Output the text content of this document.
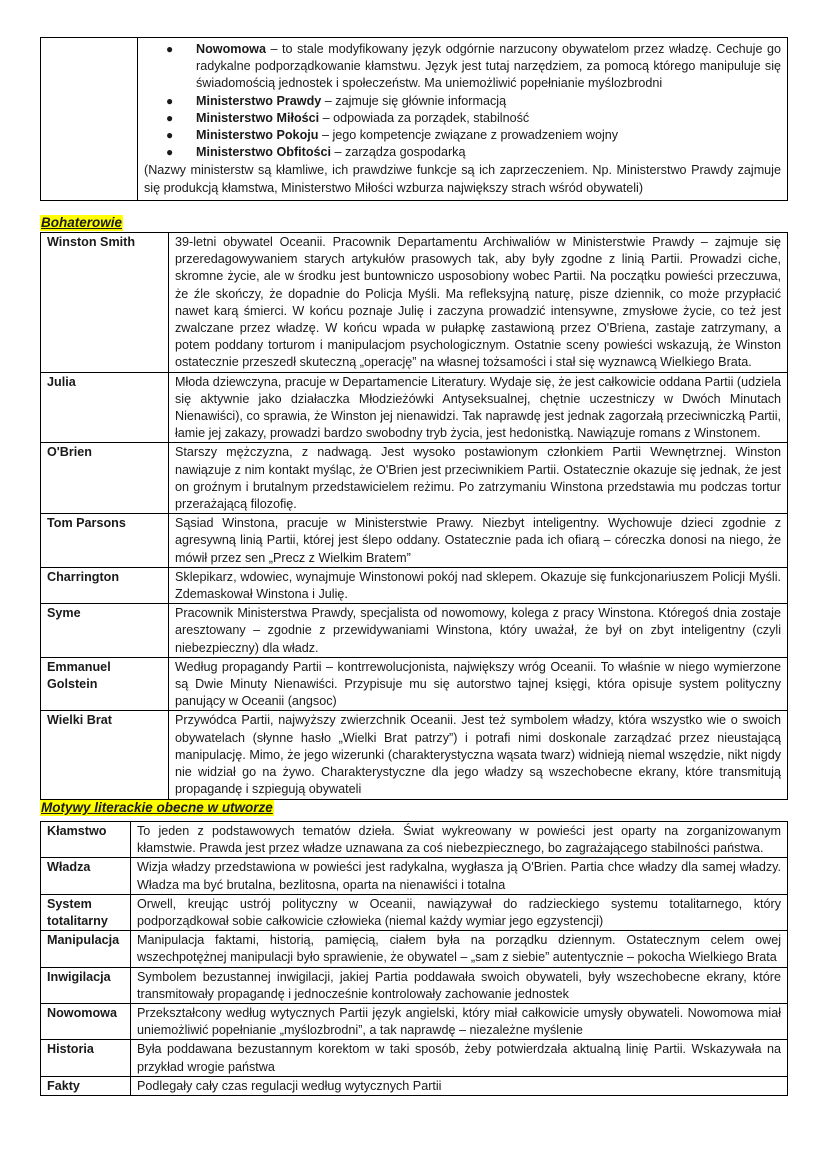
● Nowomowa – to stale modyfikowany język odgórnie narzucony obywatelom przez władzę. Cechuje go radykalne podporządkowanie kłamstwu. Język jest tutaj narzędziem, za pomocą którego manipuluje się świadomością jednostek i społeczeństw. Ma uniemożliwić popełnianie myślozbrodni
● Ministerstwo Prawdy – zajmuje się głównie informacją
● Ministerstwo Miłości – odpowiada za porządek, stabilność
● Ministerstwo Pokoju – jego kompetencje związane z prowadzeniem wojny
● Ministerstwo Obfitości – zarządza gospodarką
(Nazwy ministerstw są kłamliwe, ich prawdziwe funkcje są ich zaprzeczeniem. Np. Ministerstwo Prawdy zajmuje się produkcją kłamstwa, Ministerstwo Miłości wzburza największy strach wśród obywateli)
Bohaterowie
Winston Smith	39-letni obywatel Oceanii. Pracownik Departamentu Archiwaliów w Ministerstwie Prawdy – zajmuje się przeredagowywaniem starych artykułów prasowych tak, aby były zgodne z linią Partii. Prowadzi ciche, skromne życie, ale w środku jest buntowniczo usposobiony wobec Partii. Na początku powieści przeczuwa, że źle skończy, że dopadnie do Policja Myśli. Ma refleksyjną naturę, pisze dziennik, co może przypłacić nawet karą śmierci. W końcu poznaje Julię i zaczyna prowadzić intensywne, zmysłowe życie, co też jest zwalczane przez władzę. W końcu wpada w pułapkę zastawioną przez O'Briena, zastaje zatrzymany, a potem poddany torturom i manipulacjom psychologicznym. Ostatnie sceny powieści wskazują, że Winston ostatecznie przeszedł skuteczną „operację” na własnej tożsamości i stał się wyznawcą Wielkiego Brata.
Julia	Młoda dziewczyna, pracuje w Departamencie Literatury. Wydaje się, że jest całkowicie oddana Partii (udziela się aktywnie jako działaczka Młodzieżówki Antyseksualnej, chętnie uczestniczy w Dwóch Minutach Nienawiści), co sprawia, że Winston jej nienawidzi. Tak naprawdę jest jednak zagorzałą przeciwniczką Partii, łamie jej zakazy, prowadzi bardzo swobodny tryb życia, jest hedonistką. Nawiązuje romans z Winstonem.
O'Brien	Starszy mężczyzna, z nadwagą. Jest wysoko postawionym członkiem Partii Wewnętrznej. Winston nawiązuje z nim kontakt myśląc, że O'Brien jest przeciwnikiem Partii. Ostatecznie okazuje się jednak, że jest on groźnym i brutalnym przedstawicielem reżimu. Po zatrzymaniu Winstona przedstawia mu podczas tortur przerażającą filozofię.
Tom Parsons	Sąsiad Winstona, pracuje w Ministerstwie Prawy. Niezbyt inteligentny. Wychowuje dzieci zgodnie z agresywną linią Partii, której jest ślepo oddany. Ostatecznie pada ich ofiarą – córeczka donosi na niego, że mówił przez sen „Precz z Wielkim Bratem”
Charrington	Sklepikarz, wdowiec, wynajmuje Winstonowi pokój nad sklepem. Okazuje się funkcjonariuszem Policji Myśli. Zdemaskował Winstona i Julię.
Syme	Pracownik Ministerstwa Prawdy, specjalista od nowomowy, kolega z pracy Winstona. Któregoś dnia zostaje aresztowany – zgodnie z przewidywaniami Winstona, który uważał, że był on zbyt inteligentny (czyli niebezpieczny) dla władz.
Emmanuel Golstein	Według propagandy Partii – kontrrewolucjonista, największy wróg Oceanii. To właśnie w niego wymierzone są Dwie Minuty Nienawiści. Przypisuje mu się autorstwo tajnej księgi, która opisuje system polityczny panujący w Oceanii (angsoc)
Wielki Brat	Przywódca Partii, najwyższy zwierzchnik Oceanii. Jest też symbolem władzy, która wszystko wie o swoich obywatelach (słynne hasło „Wielki Brat patrzy”) i potrafi nimi doskonale zarządzać przez nieustającą manipulację. Mimo, że jego wizerunki (charakterystyczna wąsata twarz) widnieją niemal wszędzie, nikt nigdy nie widział go na żywo. Charakterystyczne dla jego władzy są wszechobecne ekrany, które transmitują propagandę i szpiegują obywateli
Motywy literackie obecne w utworze
Kłamstwo	To jeden z podstawowych tematów dzieła. Świat wykreowany w powieści jest oparty na zorganizowanym kłamstwie. Prawda jest przez władze uznawana za coś niebezpiecznego, bo zagrażającego stabilności państwa.
Władza	Wizja władzy przedstawiona w powieści jest radykalna, wygłasza ją O'Brien. Partia chce władzy dla samej władzy. Władza ma być brutalna, bezlitosna, oparta na nienawiści i totalna
System totalitarny	Orwell, kreując ustrój polityczny w Oceanii, nawiązywał do radzieckiego systemu totalitarnego, który podporządkował sobie całkowicie człowieka (niemal każdy wymiar jego egzystencji)
Manipulacja	Manipulacja faktami, historią, pamięcią, ciałem była na porządku dziennym. Ostatecznym celem owej wszechpotężnej manipulacji było sprawienie, że obywatel – „sam z siebie” autentycznie – pokocha Wielkiego Brata
Inwigilacja	Symbolem bezustannej inwigilacji, jakiej Partia poddawała swoich obywateli, były wszechobecne ekrany, które transmitowały propagandę i jednocześnie kontrolowały zachowanie jednostek
Nowomowa	Przekształcony według wytycznych Partii język angielski, który miał całkowicie umysły obywateli. Nowomowa miał uniemożliwić popełnianie „myślozbrodni”, a tak naprawdę – niezależne myślenie
Historia	Była poddawana bezustannym korektom w taki sposób, żeby potwierdzała aktualną linię Partii. Wskazywała na przykład wrogie państwa
Fakty	Podlegały cały czas regulacji według wytycznych Partii
